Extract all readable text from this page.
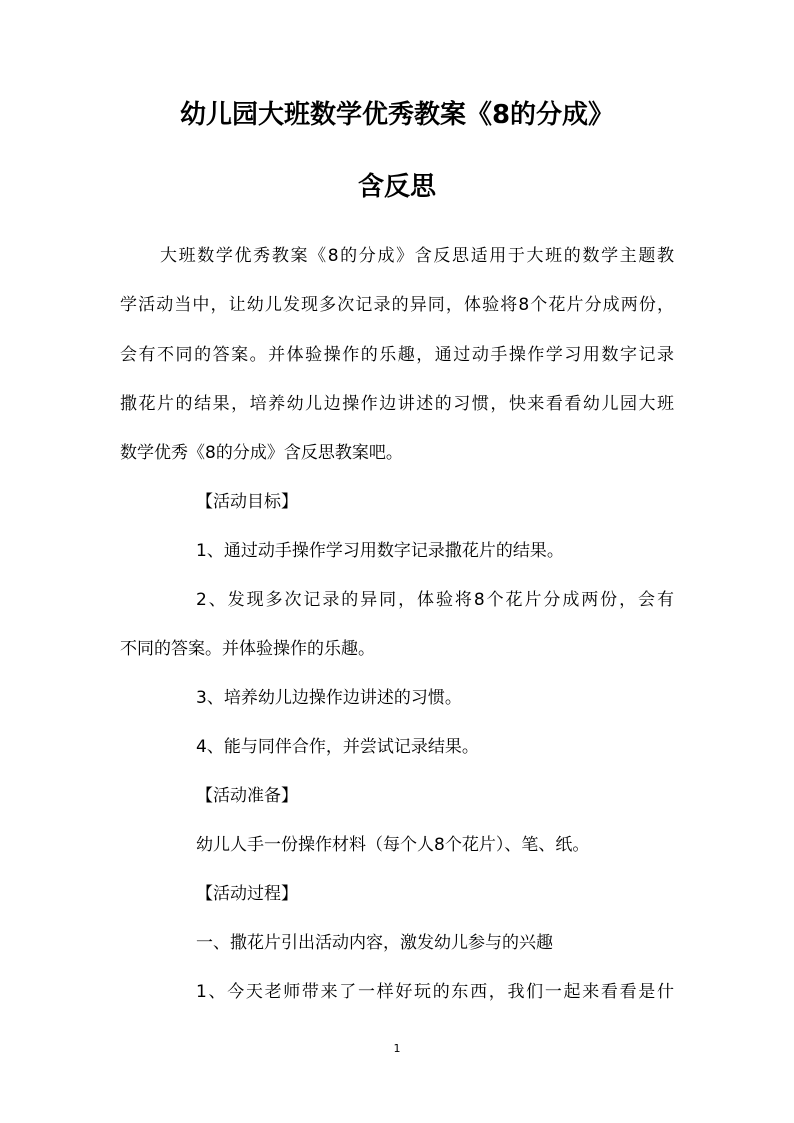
幼儿园大班数学优秀教案《8的分成》
含反思
大班数学优秀教案《8的分成》含反思适用于大班的数学主题教
学活动当中，让幼儿发现多次记录的异同，体验将8个花片分成两份，
会有不同的答案。并体验操作的乐趣，通过动手操作学习用数字记录
撒花片的结果，培养幼儿边操作边讲述的习惯，快来看看幼儿园大班
数学优秀《8的分成》含反思教案吧。
【活动目标】
1、通过动手操作学习用数字记录撒花片的结果。
2、发现多次记录的异同，体验将8个花片分成两份，会有
不同的答案。并体验操作的乐趣。
3、培养幼儿边操作边讲述的习惯。
4、能与同伴合作，并尝试记录结果。
【活动准备】
幼儿人手一份操作材料（每个人8个花片）、笔、纸。
【活动过程】
一、撒花片引出活动内容，激发幼儿参与的兴趣
1、今天老师带来了一样好玩的东西，我们一起来看看是什
1
